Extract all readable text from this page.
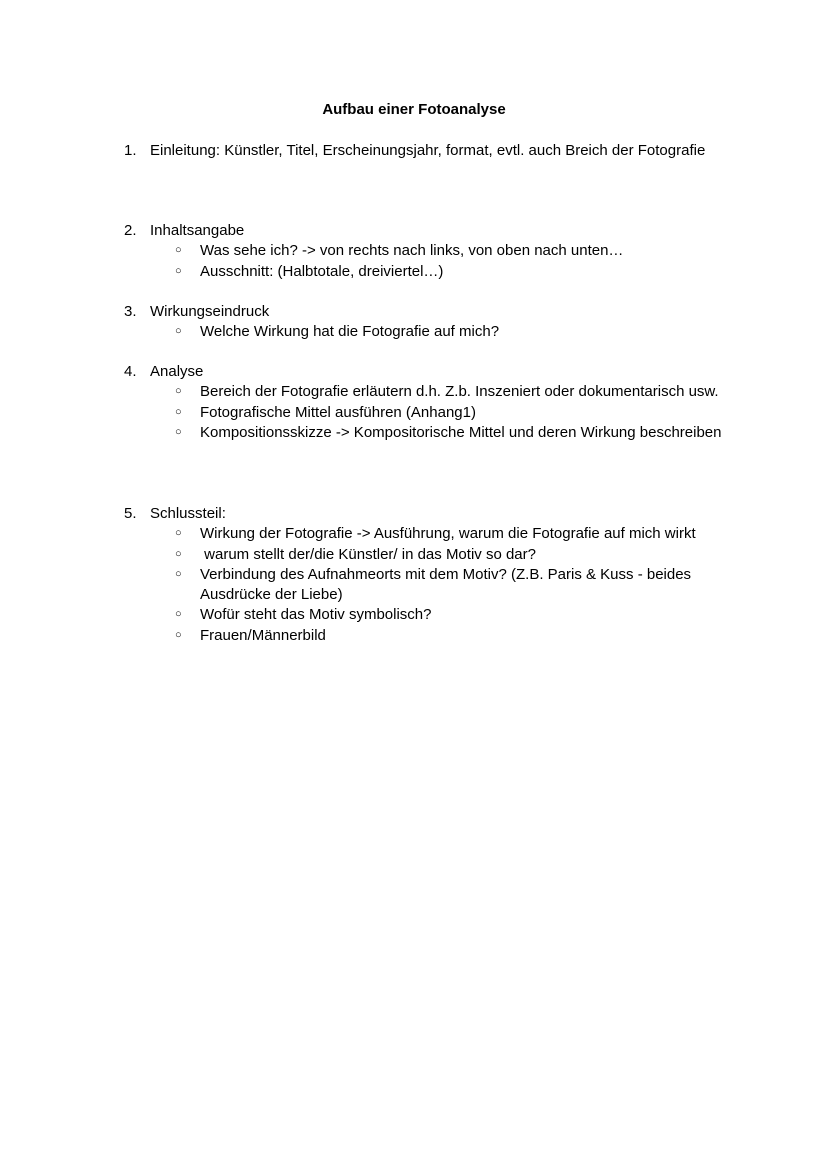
Aufbau einer Fotoanalyse
1. Einleitung: Künstler, Titel, Erscheinungsjahr, format, evtl. auch Breich der Fotografie
2. Inhaltsangabe
○	Was sehe ich? -> von rechts nach links, von oben nach unten…
○	Ausschnitt: (Halbtotale, dreiviertel…)
3. Wirkungseindruck
○	Welche Wirkung hat die Fotografie auf mich?
4. Analyse
○	Bereich der Fotografie erläutern d.h. Z.b. Inszeniert oder dokumentarisch usw.
○	Fotografische Mittel ausführen (Anhang1)
○	Kompositionsskizze -> Kompositorische Mittel und deren Wirkung beschreiben
5. Schlussteil:
○	Wirkung der Fotografie -> Ausführung, warum die Fotografie auf mich wirkt
○	warum stellt der/die Künstler/ in das Motiv so dar?
○	Verbindung des Aufnahmeorts mit dem Motiv? (Z.B. Paris & Kuss - beides Ausdrücke der Liebe)
○	Wofür steht das Motiv symbolisch?
○	Frauen/Männerbild
